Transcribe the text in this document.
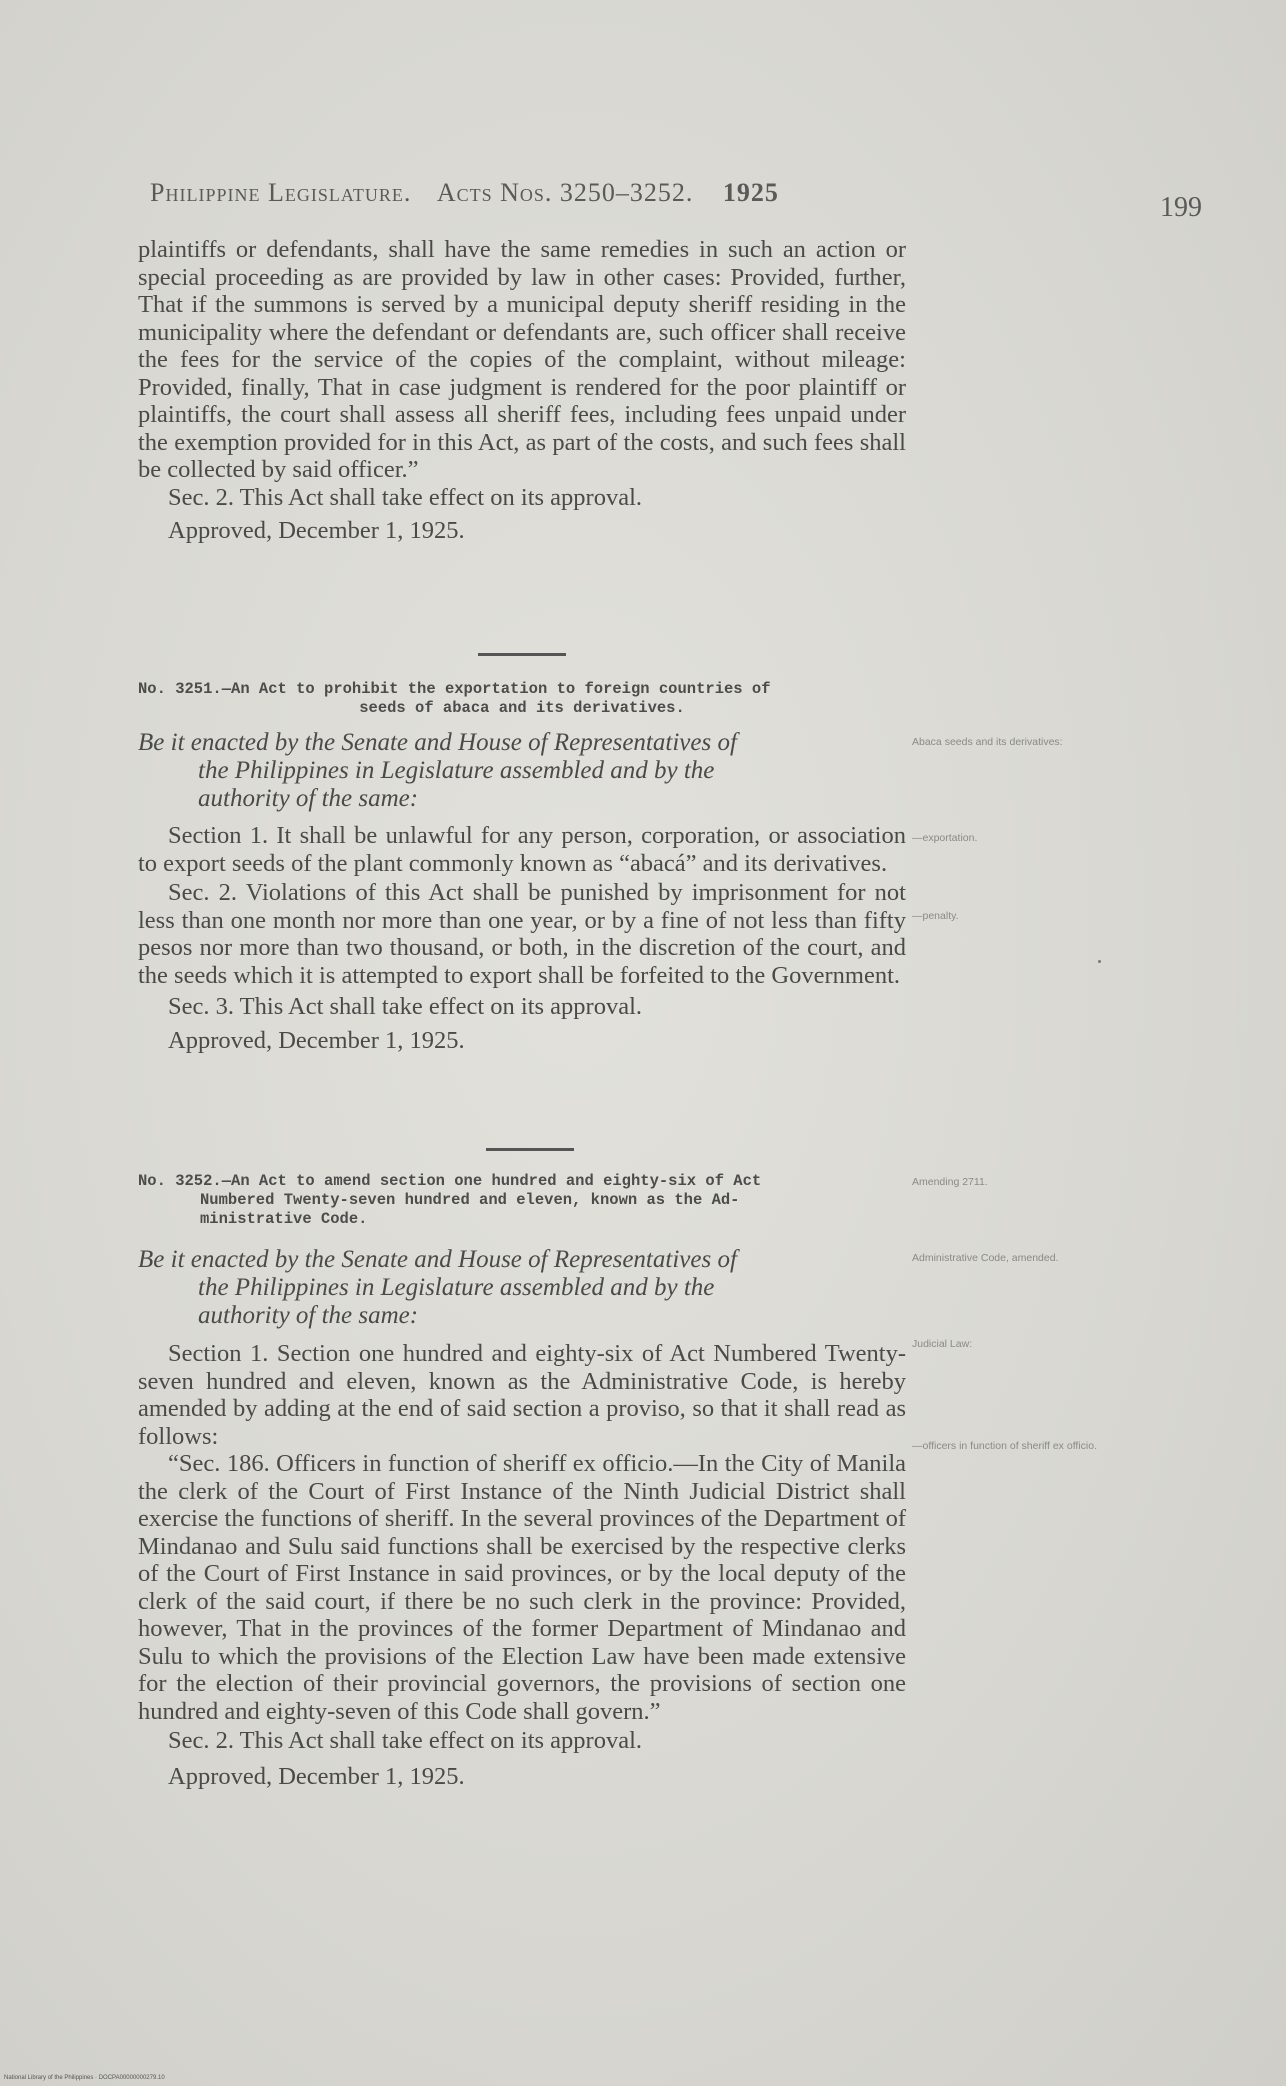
Philippine Legislature. Acts Nos. 3250–3252. 1925	199

plaintiffs or defendants, shall have the same remedies in such an action or special proceeding as are provided by law in other cases: Provided, further, That if the summons is served by a municipal deputy sheriff residing in the municipality where the defendant or defendants are, such officer shall receive the fees for the service of the copies of the complaint, without mileage: Provided, finally, That in case judgment is rendered for the poor plaintiff or plaintiffs, the court shall assess all sheriff fees, including fees unpaid under the exemption provided for in this Act, as part of the costs, and such fees shall be collected by said officer.”

Sec. 2. This Act shall take effect on its approval.

Approved, December 1, 1925.

No. 3251.—An Act to prohibit the exportation to foreign countries of
seeds of abaca and its derivatives.
Be it enacted by the Senate and House of Representatives of
the Philippines in Legislature assembled and by the
authority of the same:

Section 1. It shall be unlawful for any person, corporation, or association to export seeds of the plant commonly known as “abacá” and its derivatives.

Sec. 2. Violations of this Act shall be punished by imprisonment for not less than one month nor more than one year, or by a fine of not less than fifty pesos nor more than two thousand, or both, in the discretion of the court, and the seeds which it is attempted to export shall be forfeited to the Government.

Sec. 3. This Act shall take effect on its approval.

Approved, December 1, 1925.

Abaca seeds and its derivatives:
—exportation.
—penalty.
No. 3252.—An Act to amend section one hundred and eighty-six of Act
Numbered Twenty-seven hundred and eleven, known as the Ad-
ministrative Code.
Be it enacted by the Senate and House of Representatives of
the Philippines in Legislature assembled and by the
authority of the same:

Section 1. Section one hundred and eighty-six of Act Numbered Twenty-seven hundred and eleven, known as the Administrative Code, is hereby amended by adding at the end of said section a proviso, so that it shall read as follows:

“Sec. 186. Officers in function of sheriff ex officio.—In the City of Manila the clerk of the Court of First Instance of the Ninth Judicial District shall exercise the functions of sheriff. In the several provinces of the Department of Mindanao and Sulu said functions shall be exercised by the respective clerks of the Court of First Instance in said provinces, or by the local deputy of the clerk of the said court, if there be no such clerk in the province: Provided, however, That in the provinces of the former Department of Mindanao and Sulu to which the provisions of the Election Law have been made extensive for the election of their provincial governors, the provisions of section one hundred and eighty-seven of this Code shall govern.”

Sec. 2. This Act shall take effect on its approval.

Approved, December 1, 1925.

Amending 2711.
Administrative Code, amended.
Judicial Law:
—officers in function of sheriff ex officio.
National Library of the Philippines · DOCPA00000000279.10
